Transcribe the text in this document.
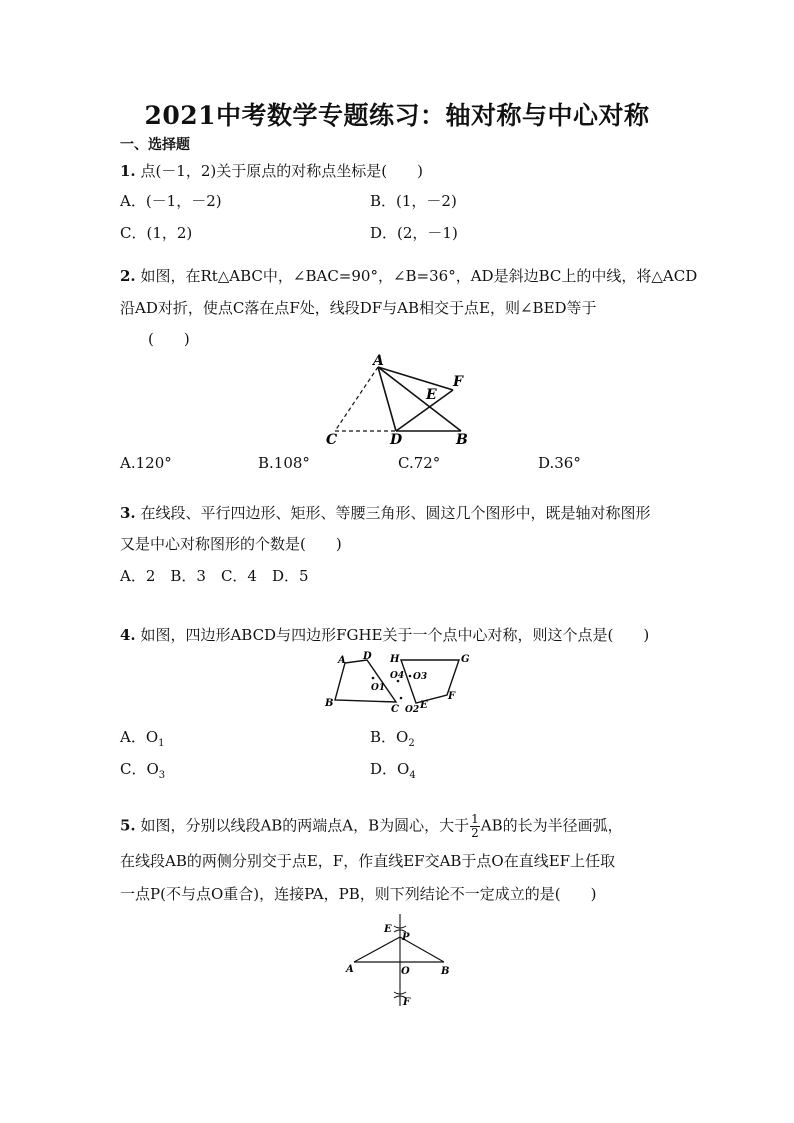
2021中考数学专题练习：轴对称与中心对称
一、选择题
1. 点(－1，2)关于原点的对称点坐标是(　　)
A．(－1，－2)	B．(1，－2)
C．(1，2)	D．(2，－1)
2. 如图，在Rt△ABC中，∠BAC=90°，∠B=36°，AD是斜边BC上的中线，将△ACD
沿AD对折，使点C落在点F处，线段DF与AB相交于点E，则∠BED等于
(　　)
A
F
E
C	D	B
A.120°	B.108°	C.72°	D.36°
3. 在线段、平行四边形、矩形、等腰三角形、圆这几个图形中，既是轴对称图形
又是中心对称图形的个数是(　　)
A．2　B．3　C．4　D．5
4. 如图，四边形ABCD与四边形FGHE关于一个点中心对称，则这个点是(　　)
A D
B
C
O1
O2
O3
O4
H	G
E
F
A．$O_1$	B．$O_2$
C．$O_3$	D．$O_4$
5. 如图，分别以线段AB的两端点A，B为圆心，大于 $\frac{1}{2}$ AB的长为半径画弧，
在线段AB的两侧分别交于点E，F，作直线EF交AB于点O在直线EF上任取
一点P(不与点O重合)，连接PA，PB，则下列结论不一定成立的是(　　)
E
P
A	O	B
F
